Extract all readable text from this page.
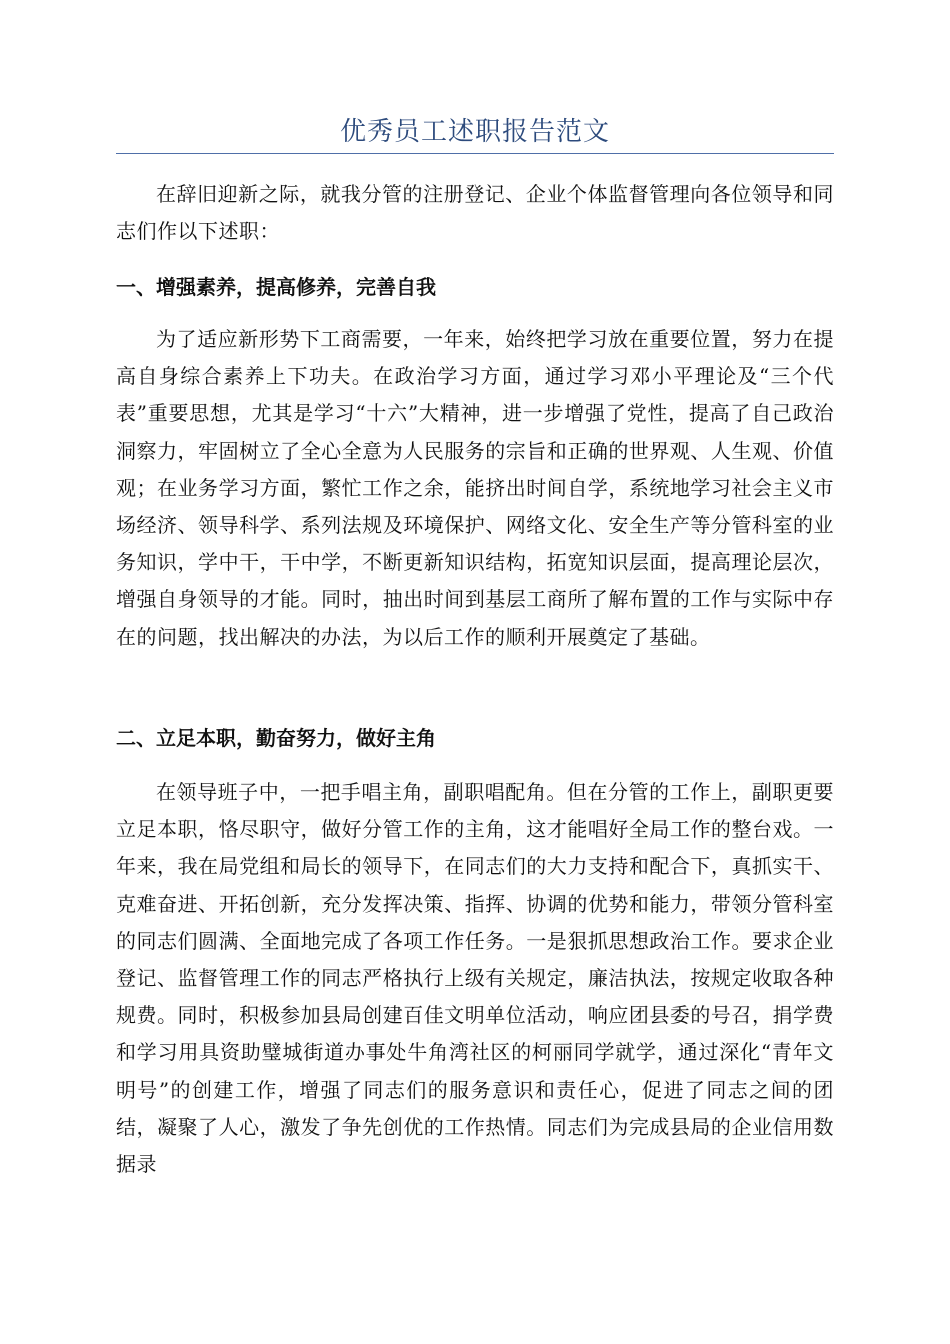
优秀员工述职报告范文

在辞旧迎新之际，就我分管的注册登记、企业个体监督管理向各位领导和同志们作以下述职：

一、增强素养，提高修养，完善自我

为了适应新形势下工商需要，一年来，始终把学习放在重要位置，努力在提高自身综合素养上下功夫。在政治学习方面，通过学习邓小平理论及“三个代表”重要思想，尤其是学习“十六”大精神，进一步增强了党性，提高了自己政治洞察力，牢固树立了全心全意为人民服务的宗旨和正确的世界观、人生观、价值观；在业务学习方面，繁忙工作之余，能挤出时间自学，系统地学习社会主义市场经济、领导科学、系列法规及环境保护、网络文化、安全生产等分管科室的业务知识，学中干，干中学，不断更新知识结构，拓宽知识层面，提高理论层次，增强自身领导的才能。同时，抽出时间到基层工商所了解布置的工作与实际中存在的问题，找出解决的办法，为以后工作的顺利开展奠定了基础。

二、立足本职，勤奋努力，做好主角

在领导班子中，一把手唱主角，副职唱配角。但在分管的工作上，副职更要立足本职，恪尽职守，做好分管工作的主角，这才能唱好全局工作的整台戏。一年来，我在局党组和局长的领导下，在同志们的大力支持和配合下，真抓实干、克难奋进、开拓创新，充分发挥决策、指挥、协调的优势和能力，带领分管科室的同志们圆满、全面地完成了各项工作任务。一是狠抓思想政治工作。要求企业登记、监督管理工作的同志严格执行上级有关规定，廉洁执法，按规定收取各种规费。同时，积极参加县局创建百佳文明单位活动，响应团县委的号召，捐学费和学习用具资助璧城街道办事处牛角湾社区的柯丽同学就学，通过深化“青年文明号”的创建工作，增强了同志们的服务意识和责任心，促进了同志之间的团结，凝聚了人心，激发了争先创优的工作热情。同志们为完成县局的企业信用数据录
